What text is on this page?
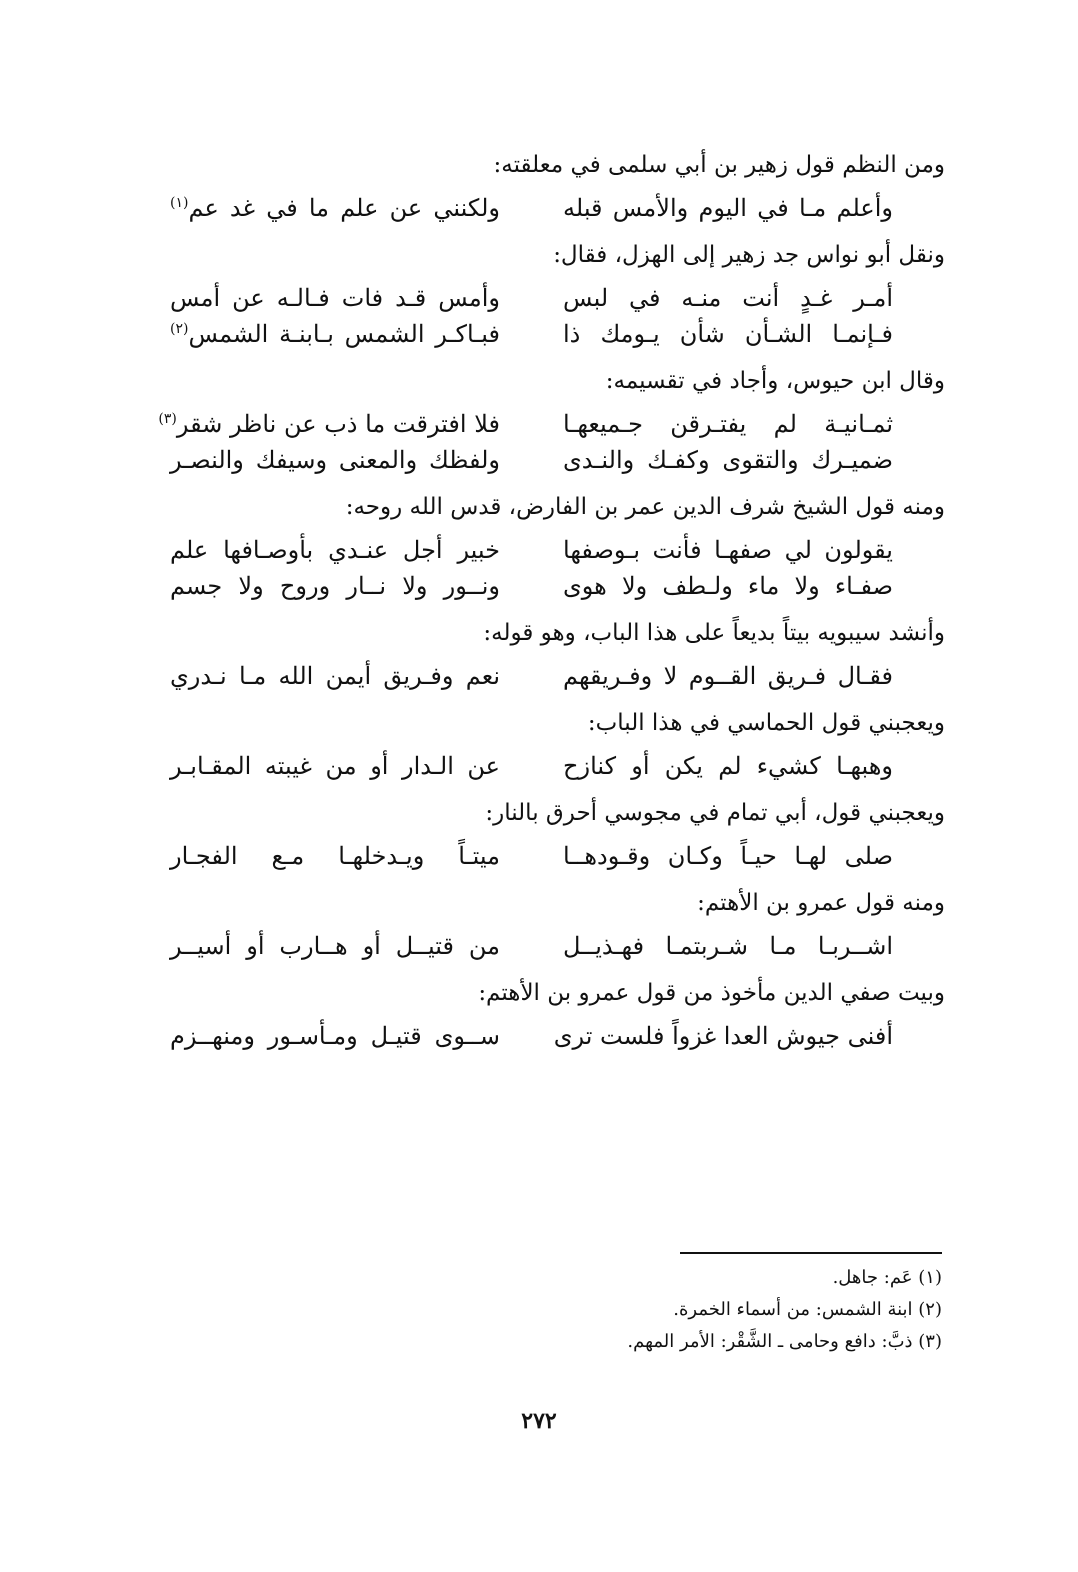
ومن النظم قول زهير بن أبي سلمى في معلقته:

وأعلم مـا في اليوم والأمس قبله
ولكنني عن علم ما في غد عم$^{(١)}$

ونقل أبو نواس جد زهير إلى الهزل، فقال:

أمـر غـدٍ أنت منـه في لبس
وأمس قـد فات فـالـه عن أمس
فـإنمـا الشـأن شأن يـومك ذا
فبـاكـر الشمس بـابنـة الشمس$^{(٢)}$

وقال ابن حيوس، وأجاد في تقسيمه:

ثمـانيـة لم يفتـرقن جـميعهـا
فلا افترقت ما ذب عن ناظر شقر$^{(٣)}$
ضميـرك والتقوى وكفـك والنـدى
ولفظك والمعنى وسيفك والنصـر

ومنه قول الشيخ شرف الدين عمر بن الفارض، قدس الله روحه:

يقولون لي صفهـا فأنت بـوصفها
خبير أجل عنـدي بأوصـافها علم
صفـاء ولا ماء ولـطف ولا هوى
ونــور ولا نــار وروح ولا جسم

وأنشد سيبويه بيتاً بديعاً على هذا الباب، وهو قوله:

فقـال فـريق القــوم لا وفـريقهم
نعم وفـريق أيمن الله مـا نـدري

ويعجبني قول الحماسي في هذا الباب:

وهبهـا كشيء لم يكن أو كنازح
عن الـدار أو من غيبته المقـابـر

ويعجبني قول، أبي تمام في مجوسي أحرق بالنار:

صلى لهـا حيـاً وكـان وقـودهــا
ميتـاً ويـدخلهـا مـع الفجـار

ومنه قول عمرو بن الأهتم:

اشــربـا مـا شـربتمـا فهـذيــل
من قتيــل أو هــارب أو أسيــر

وبيت صفي الدين مأخوذ من قول عمرو بن الأهتم:

أفنى جيوش العدا غزواً فلست ترى
ســوى قتيـل ومـأسـور ومنهــزم
(١) عَم: جاهل.
(٢) ابنة الشمس: من أسماء الخمرة.
(٣) ذبَّ: دافع وحامى ـ الشَّقْر: الأمر المهم.
٢٧٢
